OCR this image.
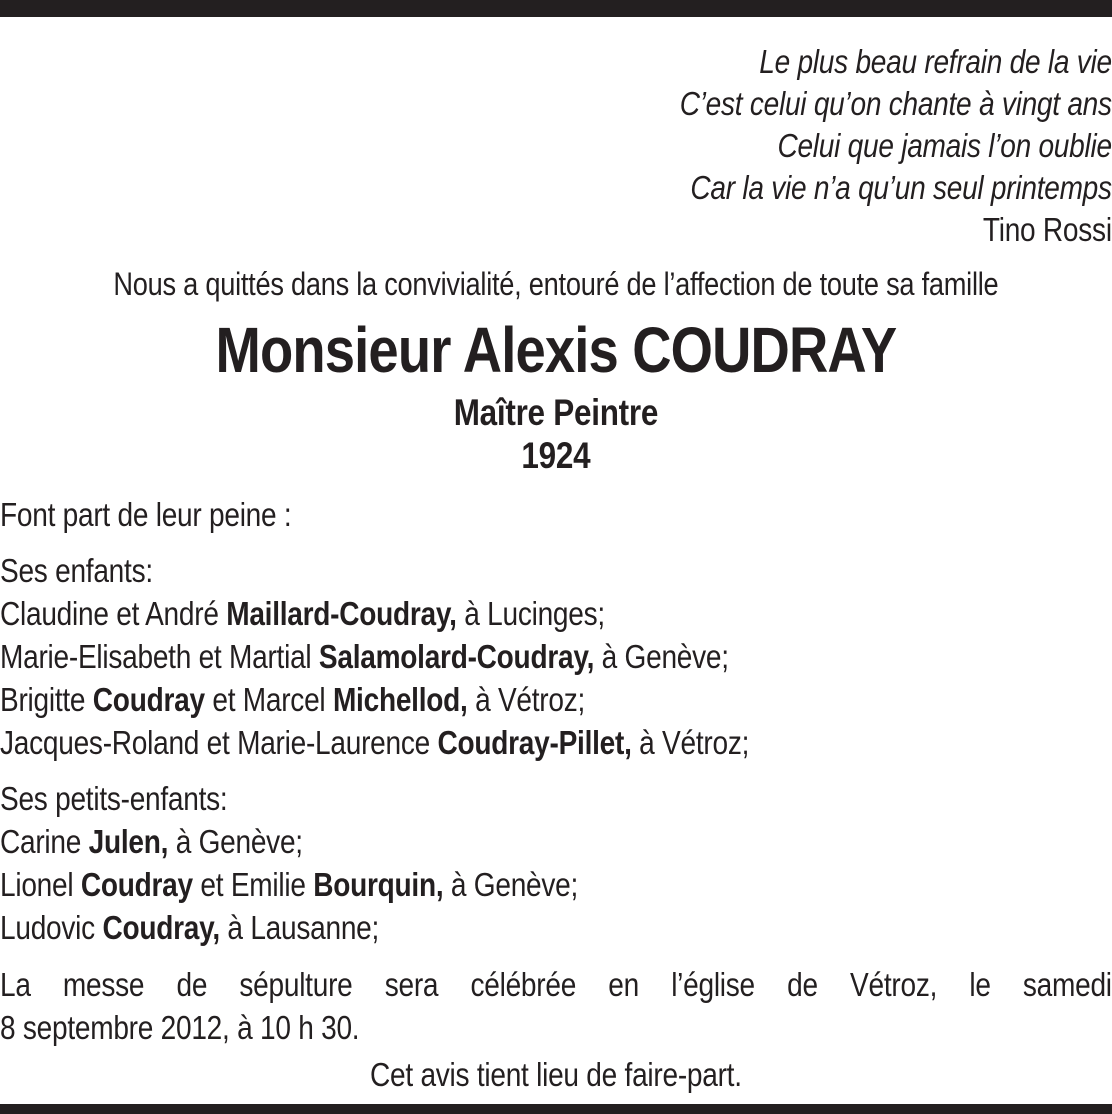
Le plus beau refrain de la vie
C’est celui qu’on chante à vingt ans
Celui que jamais l’on oublie
Car la vie n’a qu’un seul printemps
Tino Rossi
Nous a quittés dans la convivialité, entouré de l’affection de toute sa famille
Monsieur Alexis COUDRAY
Maître Peintre
1924
Font part de leur peine :
Ses enfants:
Claudine et André Maillard-Coudray, à Lucinges;
Marie-Elisabeth et Martial Salamolard-Coudray, à Genève;
Brigitte Coudray et Marcel Michellod, à Vétroz;
Jacques-Roland et Marie-Laurence Coudray-Pillet, à Vétroz;
Ses petits-enfants:
Carine Julen, à Genève;
Lionel Coudray et Emilie Bourquin, à Genève;
Ludovic Coudray, à Lausanne;
La messe de sépulture sera célébrée en l’église de Vétroz, le samedi
8 septembre 2012, à 10 h 30.
Cet avis tient lieu de faire-part.
